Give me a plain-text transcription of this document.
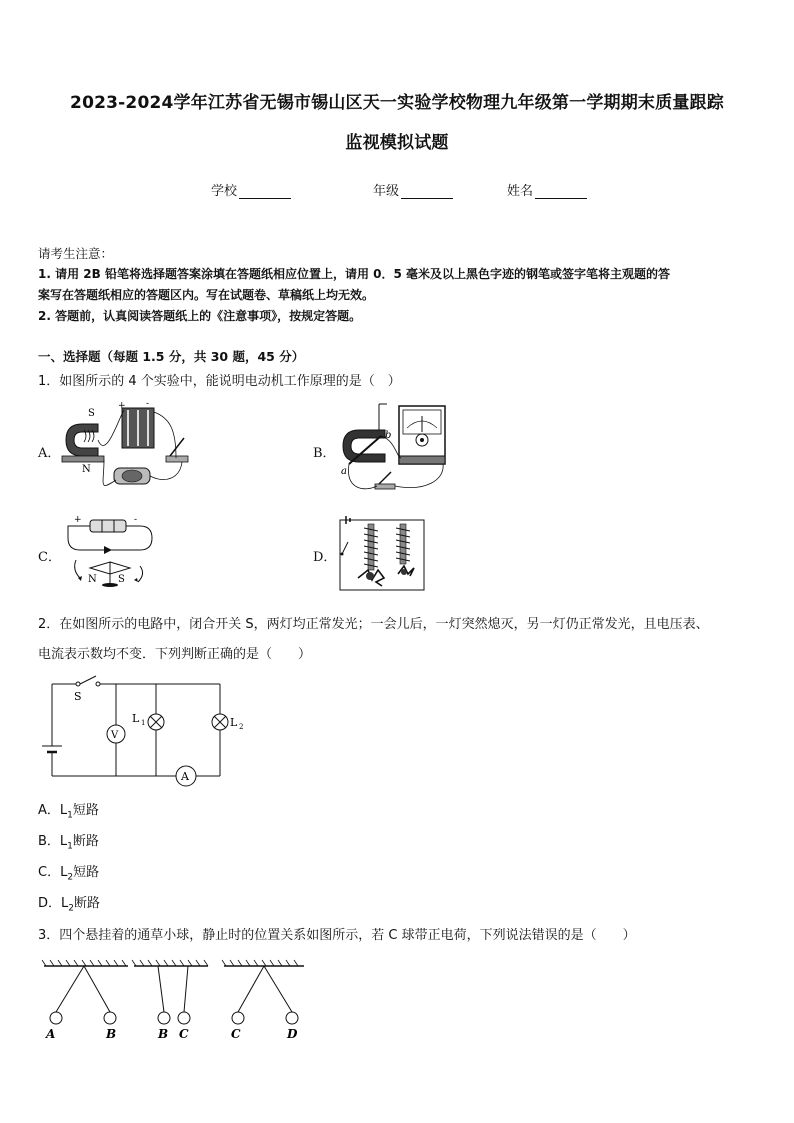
2023-2024学年江苏省无锡市锡山区天一实验学校物理九年级第一学期期末质量跟踪
监视模拟试题
学校	年级	姓名
请考生注意：
1. 请用 2B 铅笔将选择题答案涂填在答题纸相应位置上，请用 0．5 毫米及以上黑色字迹的钢笔或签字笔将主观题的答
案写在答题纸相应的答题区内。写在试题卷、草稿纸上均无效。
2. 答题前，认真阅读答题纸上的《注意事项》，按规定答题。
一、选择题（每题 1.5 分，共 30 题，45 分）
1．如图所示的 4 个实验中，能说明电动机工作原理的是（　）
A．	B．
C．	D．
S
N
+ -
a
b
+	-
N S
2．在如图所示的电路中，闭合开关 S，两灯均正常发光；一会儿后，一灯突然熄灭，另一灯仍正常发光，且电压表、
电流表示数均不变．下列判断正确的是（　　）
S
A
V
L 1	L 2
A．$L_1$短路
B．$L_1$断路
C．$L_2$短路
D．$L_2$断路
3．四个悬挂着的通草小球，静止时的位置关系如图所示，若 C 球带正电荷，下列说法错误的是（　　）
A	B	B C	C	D
